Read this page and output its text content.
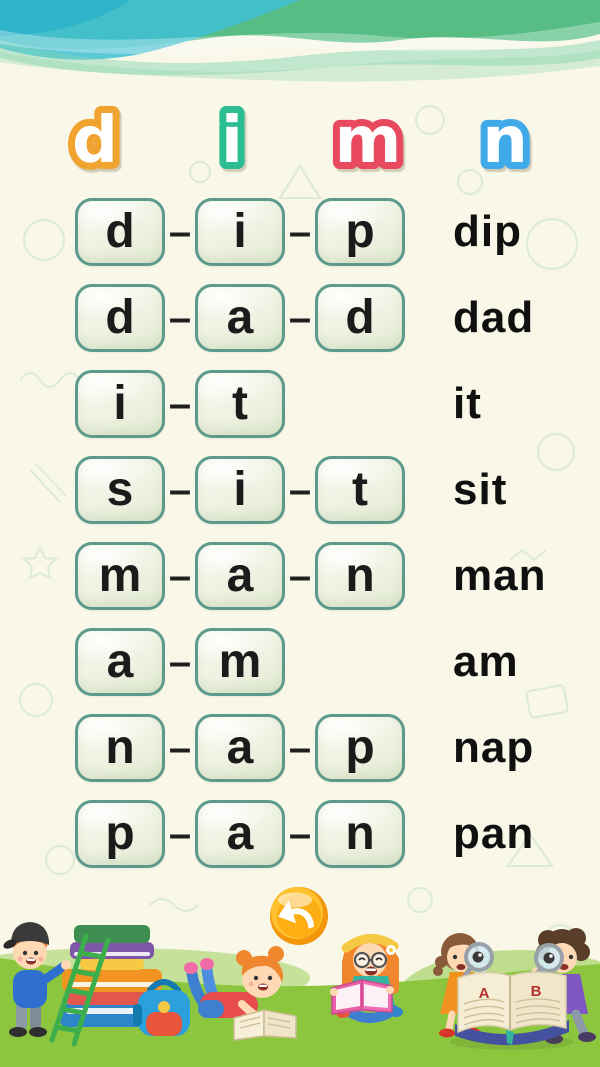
d i m n
d – i – p dip
d – a – d dad
i – t	it
s – i – t sit
m – a – n man
a – m	am
n – a – p nap
p – a – n pan
A	B
